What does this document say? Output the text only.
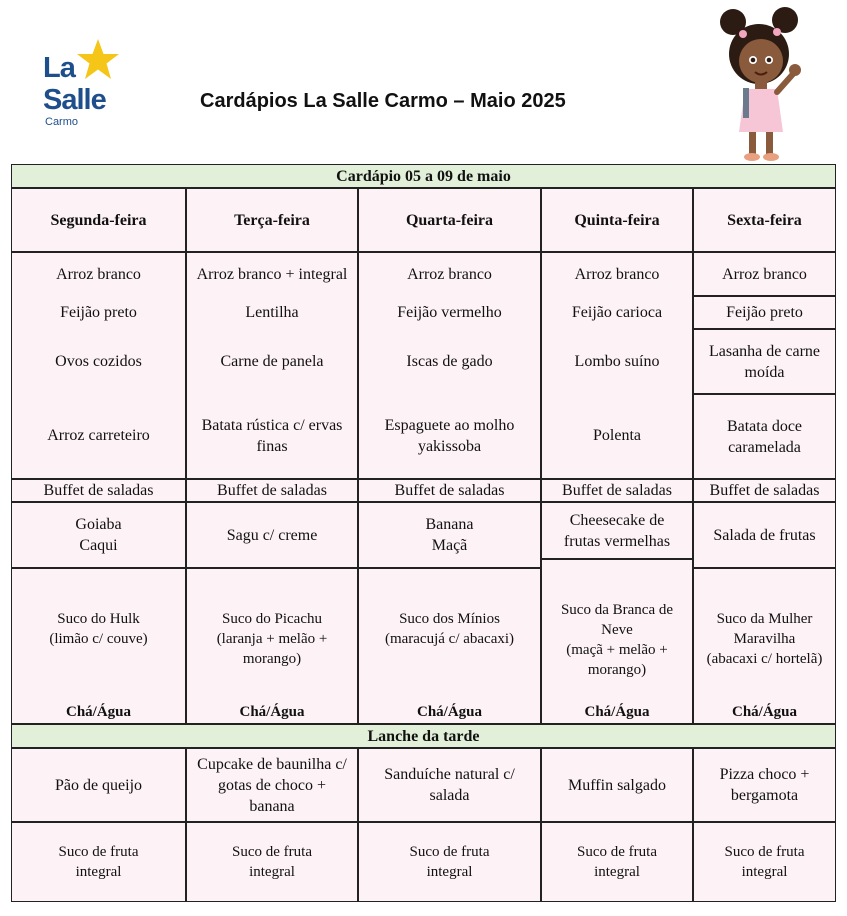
La
Salle
Carmo
Cardápios La Salle Carmo – Maio 2025
Cardápio 05 a 09 de maio
Segunda-feira
Arroz branco
Feijão preto
Ovos cozidos
Arroz carreteiro
Buffet de saladas
Goiaba
Caqui
Suco do Hulk
(limão c/ couve)
Chá/Água
Terça-feira
Arroz branco + integral
Lentilha
Carne de panela
Batata rústica c/ ervas finas
Buffet de saladas
Sagu c/ creme
Suco do Picachu
(laranja + melão +
morango)
Chá/Água
Quarta-feira
Arroz branco
Feijão vermelho
Iscas de gado
Espaguete ao molho yakissoba
Buffet de saladas
Banana
Maçã
Suco dos Mínios
(maracujá c/ abacaxi)
Chá/Água
Quinta-feira
Arroz branco
Feijão carioca
Lombo suíno
Polenta
Buffet de saladas
Cheesecake de
frutas vermelhas
Suco da Branca de Neve
(maçã + melão +
morango)
Chá/Água
Sexta-feira
Arroz branco
Feijão preto
Lasanha de carne moída
Batata doce caramelada
Buffet de saladas
Salada de frutas
Suco da Mulher Maravilha
(abacaxi c/ hortelã)
Chá/Água
Lanche da tarde
Pão de queijo
Suco de fruta integral
Cupcake de baunilha c/ gotas de choco + banana
Suco de fruta integral
Sanduíche natural c/ salada
Suco de fruta integral
Muffin salgado
Suco de fruta integral
Pizza choco + bergamota
Suco de fruta integral
